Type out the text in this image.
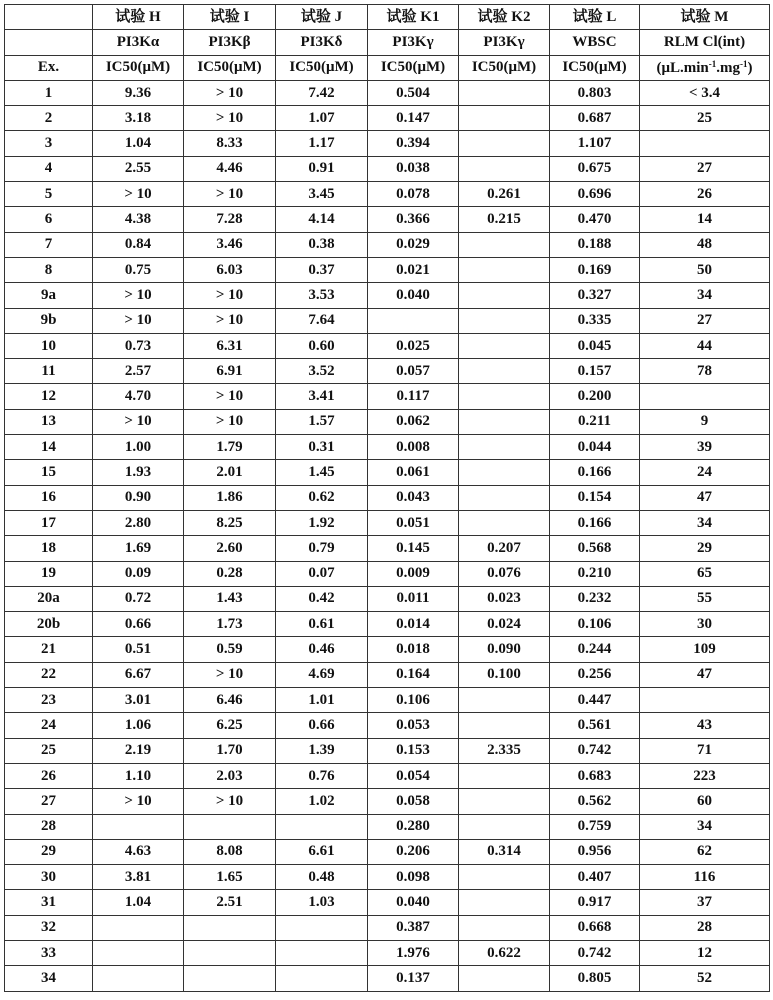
	试验 H	试验 I	试验 J	试验 K1	试验 K2	试验 L	试验 M
	PI3Kα	PI3Kβ	PI3Kδ	PI3Kγ	PI3Kγ	WBSC	RLM Cl(int)
Ex.	IC50(μM)	IC50(μM)	IC50(μM)	IC50(μM)	IC50(μM)	IC50(μM)	$(\mu L.\min^{-1}.mg^{-1})$
1	9.36	> 10	7.42	0.504		0.803	< 3.4
2	3.18	> 10	1.07	0.147		0.687	25
3	1.04	8.33	1.17	0.394		1.107	
4	2.55	4.46	0.91	0.038		0.675	27
5	> 10	> 10	3.45	0.078	0.261	0.696	26
6	4.38	7.28	4.14	0.366	0.215	0.470	14
7	0.84	3.46	0.38	0.029		0.188	48
8	0.75	6.03	0.37	0.021		0.169	50
9a	> 10	> 10	3.53	0.040		0.327	34
9b	> 10	> 10	7.64			0.335	27
10	0.73	6.31	0.60	0.025		0.045	44
11	2.57	6.91	3.52	0.057		0.157	78
12	4.70	> 10	3.41	0.117		0.200	
13	> 10	> 10	1.57	0.062		0.211	9
14	1.00	1.79	0.31	0.008		0.044	39
15	1.93	2.01	1.45	0.061		0.166	24
16	0.90	1.86	0.62	0.043		0.154	47
17	2.80	8.25	1.92	0.051		0.166	34
18	1.69	2.60	0.79	0.145	0.207	0.568	29
19	0.09	0.28	0.07	0.009	0.076	0.210	65
20a	0.72	1.43	0.42	0.011	0.023	0.232	55
20b	0.66	1.73	0.61	0.014	0.024	0.106	30
21	0.51	0.59	0.46	0.018	0.090	0.244	109
22	6.67	> 10	4.69	0.164	0.100	0.256	47
23	3.01	6.46	1.01	0.106		0.447	
24	1.06	6.25	0.66	0.053		0.561	43
25	2.19	1.70	1.39	0.153	2.335	0.742	71
26	1.10	2.03	0.76	0.054		0.683	223
27	> 10	> 10	1.02	0.058		0.562	60
28				0.280		0.759	34
29	4.63	8.08	6.61	0.206	0.314	0.956	62
30	3.81	1.65	0.48	0.098		0.407	116
31	1.04	2.51	1.03	0.040		0.917	37
32				0.387		0.668	28
33				1.976	0.622	0.742	12
34				0.137		0.805	52
